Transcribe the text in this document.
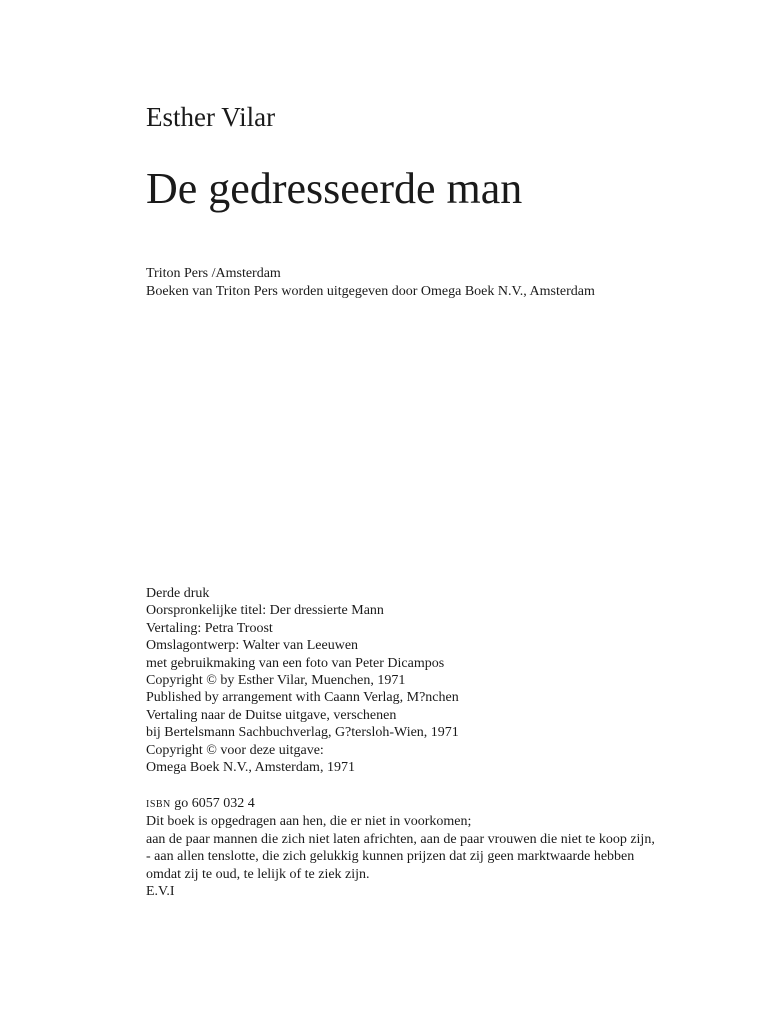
Esther Vilar
De gedresseerde man
Triton Pers /Amsterdam
Boeken van Triton Pers worden uitgegeven door Omega Boek N.V., Amsterdam
Derde druk
Oorspronkelijke titel: Der dressierte Mann
Vertaling: Petra Troost
Omslagontwerp: Walter van Leeuwen
met gebruikmaking van een foto van Peter Dicampos
Copyright © by Esther Vilar, Muenchen, 1971
Published by arrangement with Caann Verlag, M?nchen
Vertaling naar de Duitse uitgave, verschenen
bij Bertelsmann Sachbuchverlag, G?tersloh-Wien, 1971
Copyright © voor deze uitgave:
Omega Boek N.V., Amsterdam, 1971
ISBN go 6057 032 4
Dit boek is opgedragen aan hen, die er niet in voorkomen;
aan de paar mannen die zich niet laten africhten, aan de paar vrouwen die niet te koop zijn,
- aan allen tenslotte, die zich gelukkig kunnen prijzen dat zij geen marktwaarde hebben
omdat zij te oud, te lelijk of te ziek zijn.
E.V.I
